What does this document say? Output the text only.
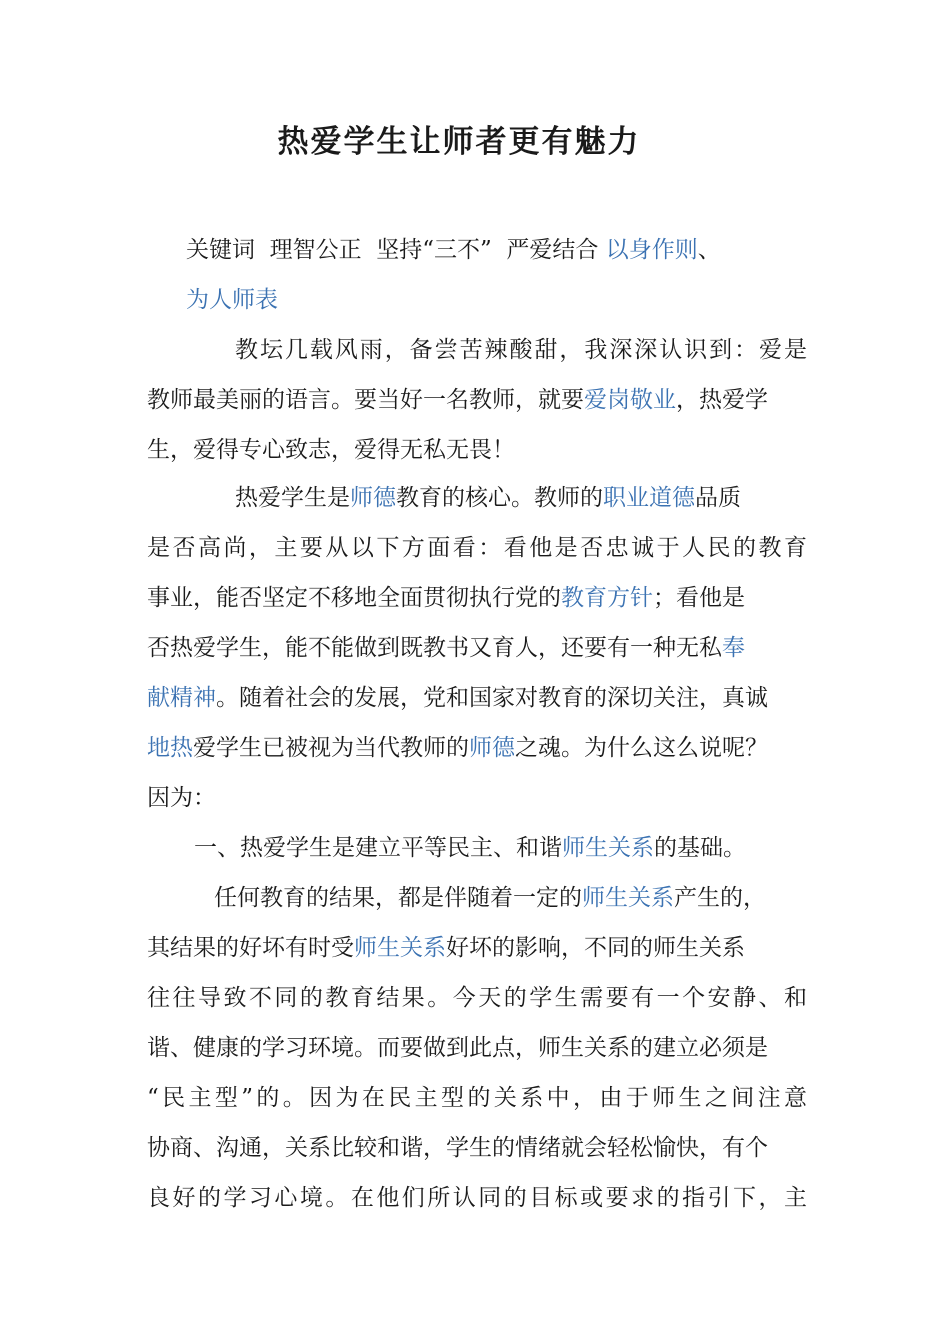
热爱学生让师者更有魅力
关键词  理智公正  坚持“三不”  严爱结合 以身作则、
为人师表
教坛几载风雨，备尝苦辣酸甜，我深深认识到：爱是
教师最美丽的语言。要当好一名教师，就要爱岗敬业，热爱学
生，爱得专心致志，爱得无私无畏！
热爱学生是师德教育的核心。教师的职业道德品质
是否高尚，主要从以下方面看：看他是否忠诚于人民的教育
事业，能否坚定不移地全面贯彻执行党的教育方针；看他是
否热爱学生，能不能做到既教书又育人，还要有一种无私奉
献精神。随着社会的发展，党和国家对教育的深切关注，真诚
地热爱学生已被视为当代教师的师德之魂。为什么这么说呢？
因为：
一、热爱学生是建立平等民主、和谐师生关系的基础。
任何教育的结果，都是伴随着一定的师生关系产生的，
其结果的好坏有时受师生关系好坏的影响，不同的师生关系
往往导致不同的教育结果。今天的学生需要有一个安静、和
谐、健康的学习环境。而要做到此点，师生关系的建立必须是
“民主型”的。因为在民主型的关系中，由于师生之间注意
协商、沟通，关系比较和谐，学生的情绪就会轻松愉快，有个
良好的学习心境。在他们所认同的目标或要求的指引下，主
